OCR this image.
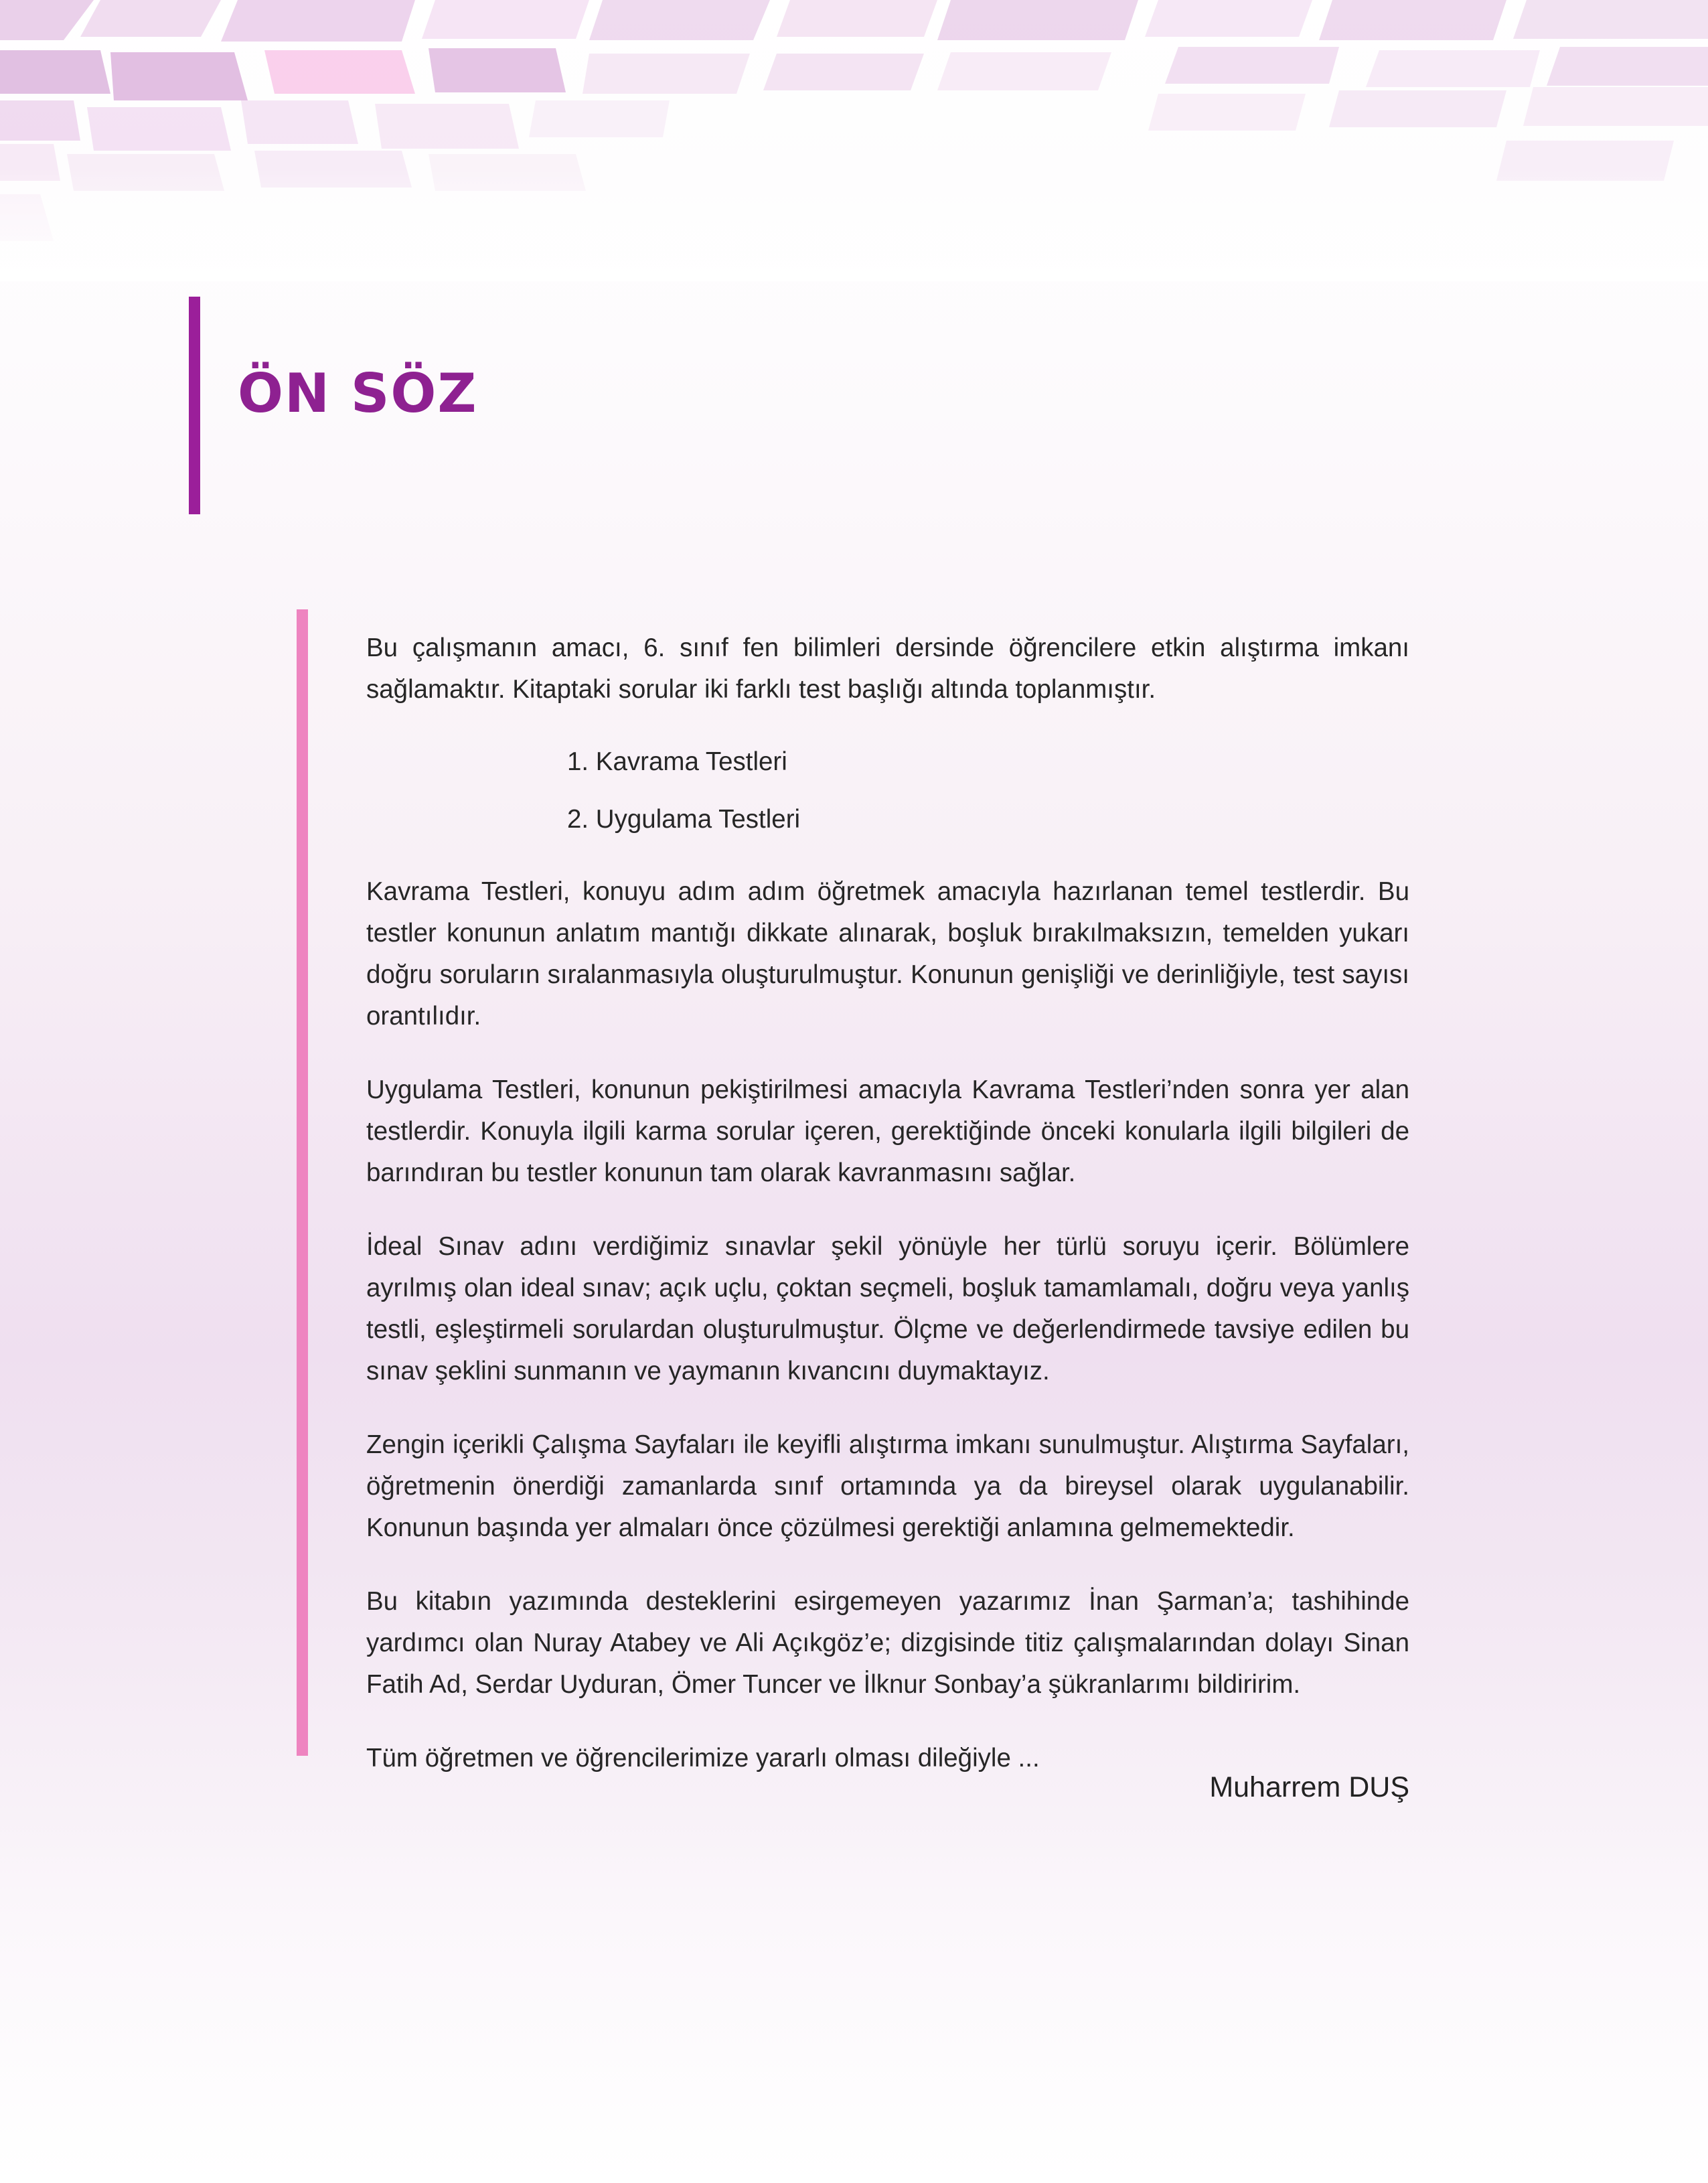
ÖN SÖZ

Bu çalışmanın amacı, 6. sınıf fen bilimleri dersinde öğrencilere etkin alıştırma imkanı sağlamaktır. Kitaptaki sorular iki farklı test başlığı altında toplanmıştır.

1. Kavrama Testleri
2. Uygulama Testleri

Kavrama Testleri, konuyu adım adım öğretmek amacıyla hazırlanan temel testlerdir. Bu testler konunun anlatım mantığı dikkate alınarak, boşluk bırakılmaksızın, temelden yukarı doğru soruların sıralanmasıyla oluşturulmuştur. Konunun genişliği ve derinliğiyle, test sayısı orantılıdır.

Uygulama Testleri, konunun pekiştirilmesi amacıyla Kavrama Testleri’nden sonra yer alan testlerdir. Konuyla ilgili karma sorular içeren, gerektiğinde önceki konularla ilgili bilgileri de barındıran bu testler konunun tam olarak kavranmasını sağlar.

İdeal Sınav adını verdiğimiz sınavlar şekil yönüyle her türlü soruyu içerir. Bölümlere ayrılmış olan ideal sınav; açık uçlu, çoktan seçmeli, boşluk tamamlamalı, doğru veya yanlış testli, eşleştirmeli sorulardan oluşturulmuştur. Ölçme ve değerlendirmede tavsiye edilen bu sınav şeklini sunmanın ve yaymanın kıvancını duymaktayız.

Zengin içerikli Çalışma Sayfaları ile keyifli alıştırma imkanı sunulmuştur. Alıştırma Sayfaları, öğretmenin önerdiği zamanlarda sınıf ortamında ya da bireysel olarak uygulanabilir. Konunun başında yer almaları önce çözülmesi gerektiği anlamına gelmemektedir.

Bu kitabın yazımında desteklerini esirgemeyen yazarımız İnan Şarman’a; tashihinde yardımcı olan Nuray Atabey ve Ali Açıkgöz’e; dizgisinde titiz çalışmalarından dolayı Sinan Fatih Ad, Serdar Uyduran, Ömer Tuncer ve İlknur Sonbay’a şükranlarımı bildiririm.

Tüm öğretmen ve öğrencilerimize yararlı olması dileğiyle ...

Muharrem DUŞ
